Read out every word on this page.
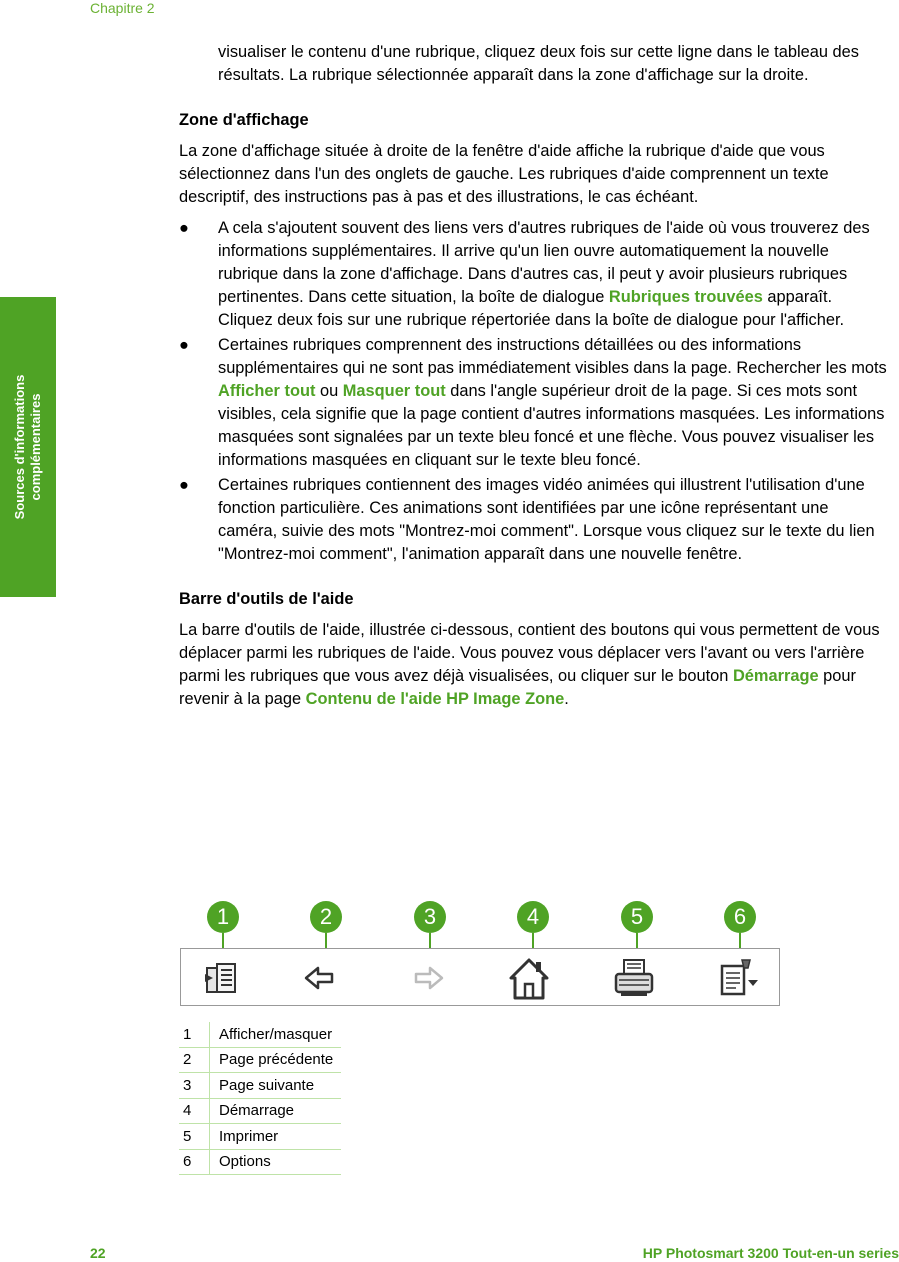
Chapitre 2
Sources d'informations complémentaires

visualiser le contenu d'une rubrique, cliquez deux fois sur cette ligne dans le tableau des résultats. La rubrique sélectionnée apparaît dans la zone d'affichage sur la droite.

Zone d'affichage

La zone d'affichage située à droite de la fenêtre d'aide affiche la rubrique d'aide que vous sélectionnez dans l'un des onglets de gauche. Les rubriques d'aide comprennent un texte descriptif, des instructions pas à pas et des illustrations, le cas échéant.

● A cela s'ajoutent souvent des liens vers d'autres rubriques de l'aide où vous trouverez des informations supplémentaires. Il arrive qu'un lien ouvre automatiquement la nouvelle rubrique dans la zone d'affichage. Dans d'autres cas, il peut y avoir plusieurs rubriques pertinentes. Dans cette situation, la boîte de dialogue Rubriques trouvées apparaît. Cliquez deux fois sur une rubrique répertoriée dans la boîte de dialogue pour l'afficher.
● Certaines rubriques comprennent des instructions détaillées ou des informations supplémentaires qui ne sont pas immédiatement visibles dans la page. Rechercher les mots Afficher tout ou Masquer tout dans l'angle supérieur droit de la page. Si ces mots sont visibles, cela signifie que la page contient d'autres informations masquées. Les informations masquées sont signalées par un texte bleu foncé et une flèche. Vous pouvez visualiser les informations masquées en cliquant sur le texte bleu foncé.
● Certaines rubriques contiennent des images vidéo animées qui illustrent l'utilisation d'une fonction particulière. Ces animations sont identifiées par une icône représentant une caméra, suivie des mots "Montrez-moi comment". Lorsque vous cliquez sur le texte du lien "Montrez-moi comment", l'animation apparaît dans une nouvelle fenêtre.
Barre d'outils de l'aide

La barre d'outils de l'aide, illustrée ci-dessous, contient des boutons qui vous permettent de vous déplacer parmi les rubriques de l'aide. Vous pouvez vous déplacer vers l'avant ou vers l'arrière parmi les rubriques que vous avez déjà visualisées, ou cliquer sur le bouton Démarrage pour revenir à la page Contenu de l'aide HP Image Zone.

1	2	3	4	5	6
1	Afficher/masquer
2	Page précédente
3	Page suivante
4	Démarrage
5	Imprimer
6	Options
22	HP Photosmart 3200 Tout-en-un series
